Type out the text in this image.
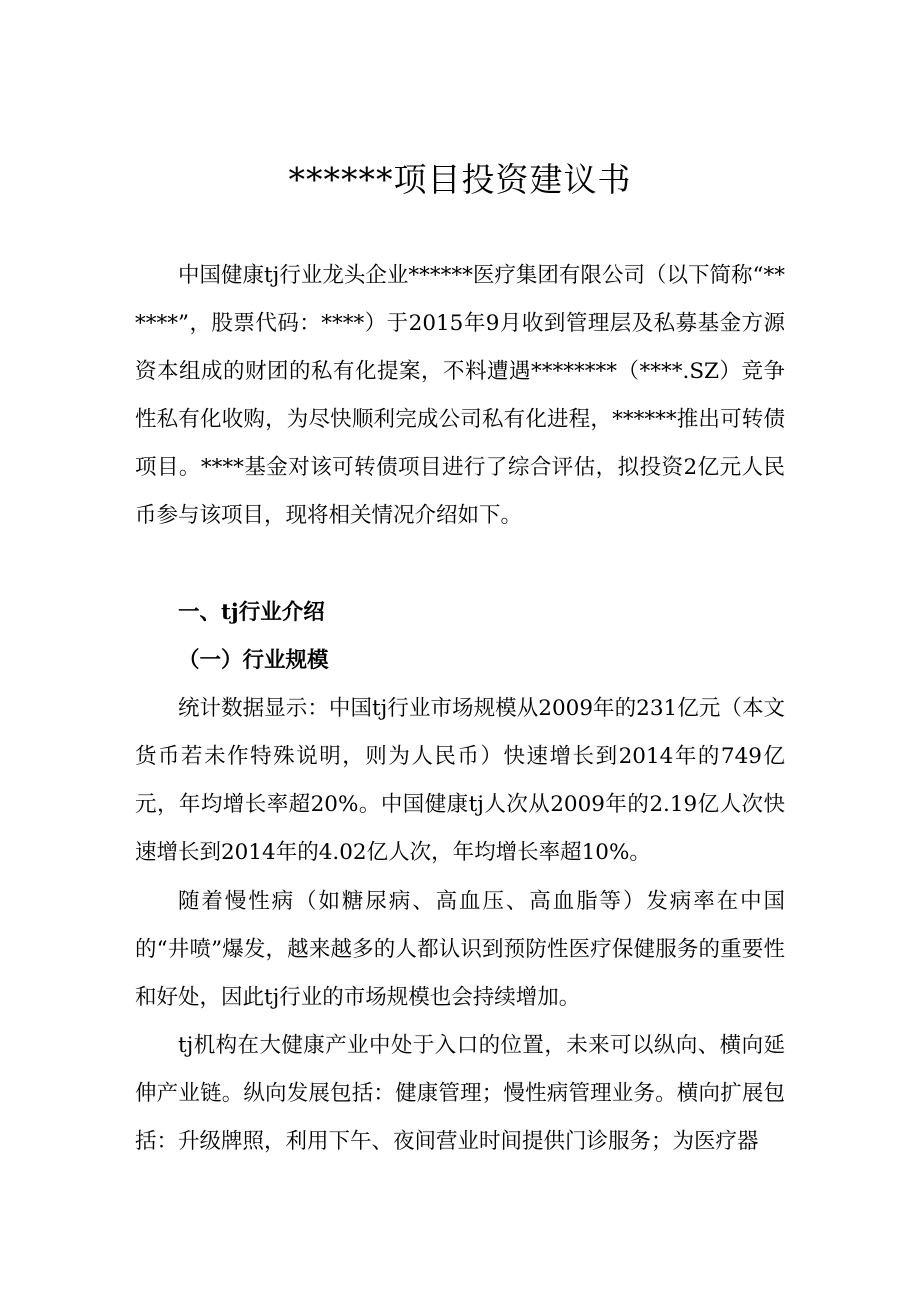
******项目投资建议书

中国健康tj行业龙头企业******医疗集团有限公司（以下简称“******”，股票代码：****）于2015年9月收到管理层及私募基金方源资本组成的财团的私有化提案，不料遭遇********（****.SZ）竞争性私有化收购，为尽快顺利完成公司私有化进程，******推出可转债项目。****基金对该可转债项目进行了综合评估，拟投资2亿元人民币参与该项目，现将相关情况介绍如下。

一、tj行业介绍

（一）行业规模

统计数据显示：中国tj行业市场规模从2009年的231亿元（本文货币若未作特殊说明，则为人民币）快速增长到2014年的749亿元，年均增长率超20%。中国健康tj人次从2009年的2.19亿人次快速增长到2014年的4.02亿人次，年均增长率超10%。

随着慢性病（如糖尿病、高血压、高血脂等）发病率在中国的“井喷”爆发，越来越多的人都认识到预防性医疗保健服务的重要性和好处，因此tj行业的市场规模也会持续增加。

tj机构在大健康产业中处于入口的位置，未来可以纵向、横向延伸产业链。纵向发展包括：健康管理；慢性病管理业务。横向扩展包括：升级牌照，利用下午、夜间营业时间提供门诊服务；为医疗器
